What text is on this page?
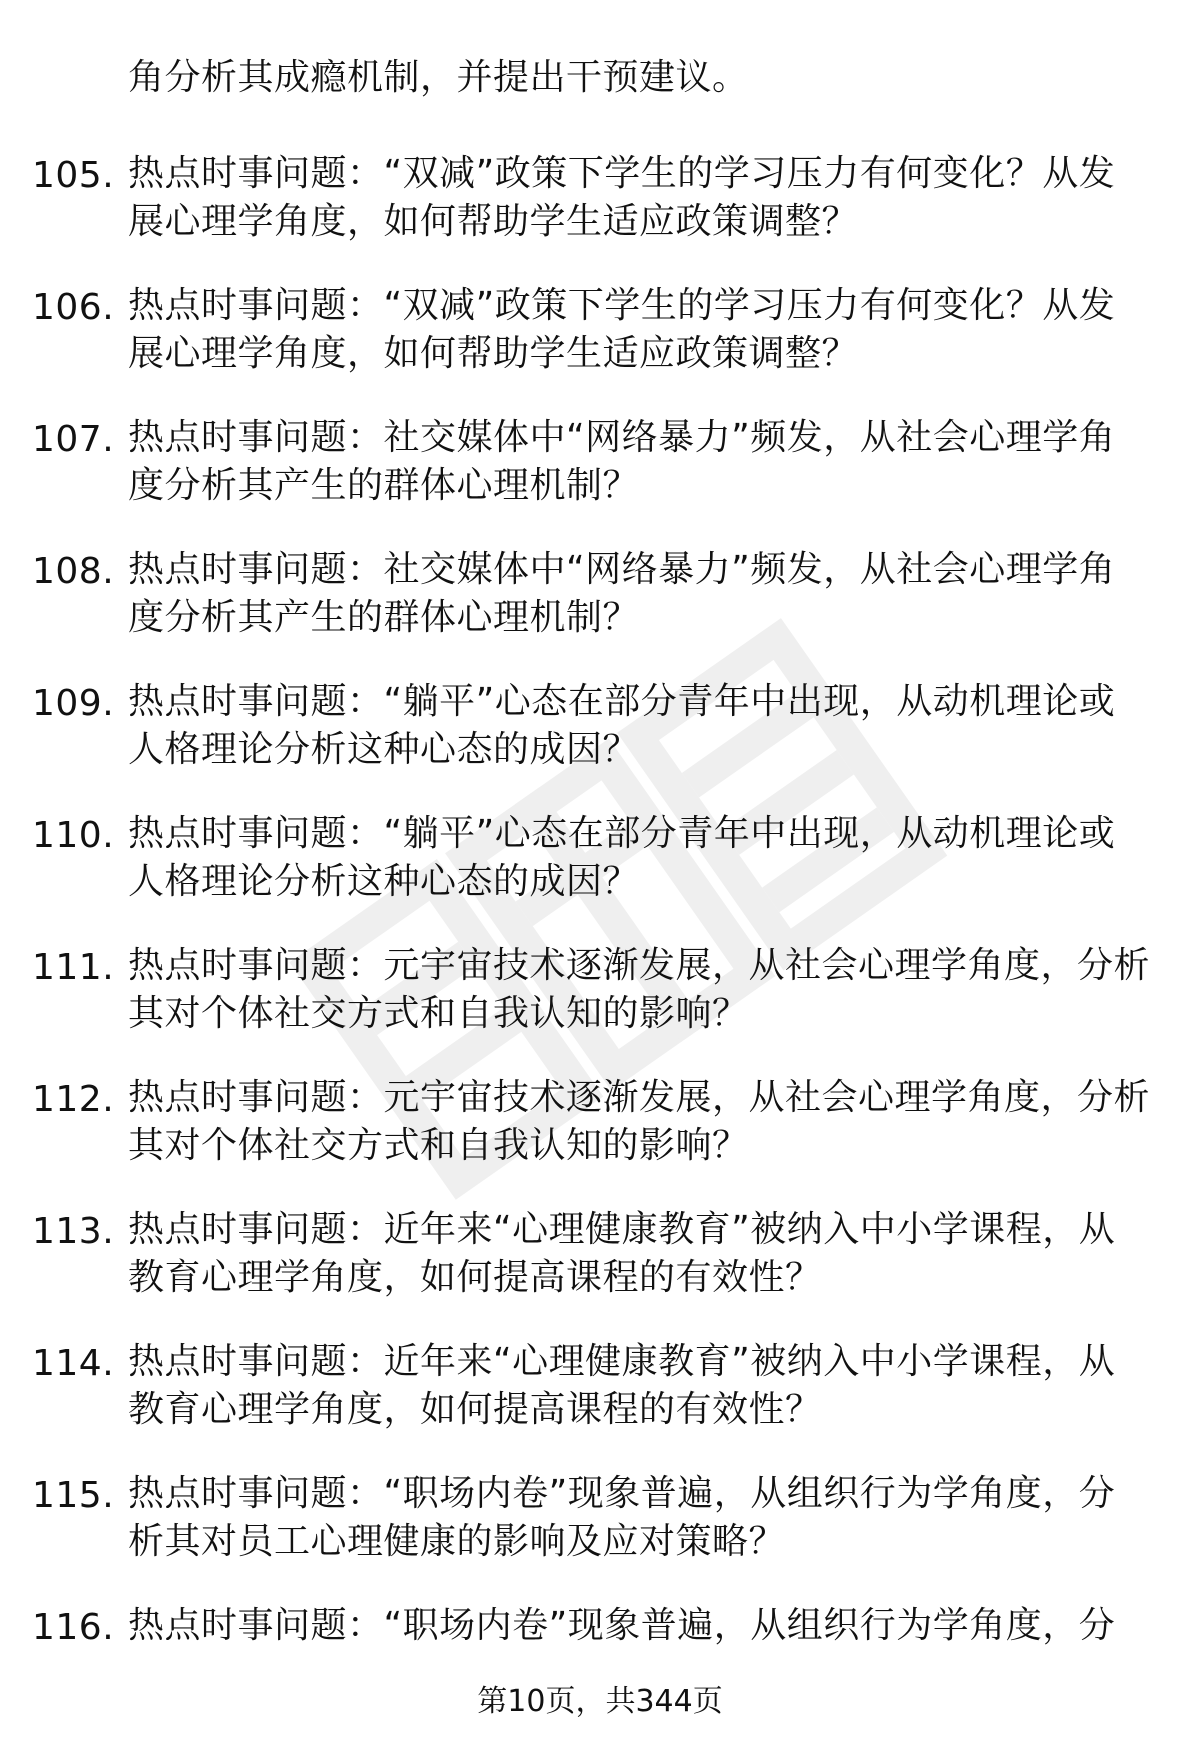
角分析其成瘾机制，并提出干预建议。
105. 热点时事问题：“双减”政策下学生的学习压力有何变化？从发
展心理学角度，如何帮助学生适应政策调整？
106. 热点时事问题：“双减”政策下学生的学习压力有何变化？从发
展心理学角度，如何帮助学生适应政策调整？
107. 热点时事问题：社交媒体中“网络暴力”频发，从社会心理学角
度分析其产生的群体心理机制？
108. 热点时事问题：社交媒体中“网络暴力”频发，从社会心理学角
度分析其产生的群体心理机制？
109. 热点时事问题：“躺平”心态在部分青年中出现，从动机理论或
人格理论分析这种心态的成因？
110. 热点时事问题：“躺平”心态在部分青年中出现，从动机理论或
人格理论分析这种心态的成因？
111. 热点时事问题：元宇宙技术逐渐发展，从社会心理学角度，分析
其对个体社交方式和自我认知的影响？
112. 热点时事问题：元宇宙技术逐渐发展，从社会心理学角度，分析
其对个体社交方式和自我认知的影响？
113. 热点时事问题：近年来“心理健康教育”被纳入中小学课程，从
教育心理学角度，如何提高课程的有效性？
114. 热点时事问题：近年来“心理健康教育”被纳入中小学课程，从
教育心理学角度，如何提高课程的有效性？
115. 热点时事问题：“职场内卷”现象普遍，从组织行为学角度，分
析其对员工心理健康的影响及应对策略？
116. 热点时事问题：“职场内卷”现象普遍，从组织行为学角度，分
第10页，共344页
